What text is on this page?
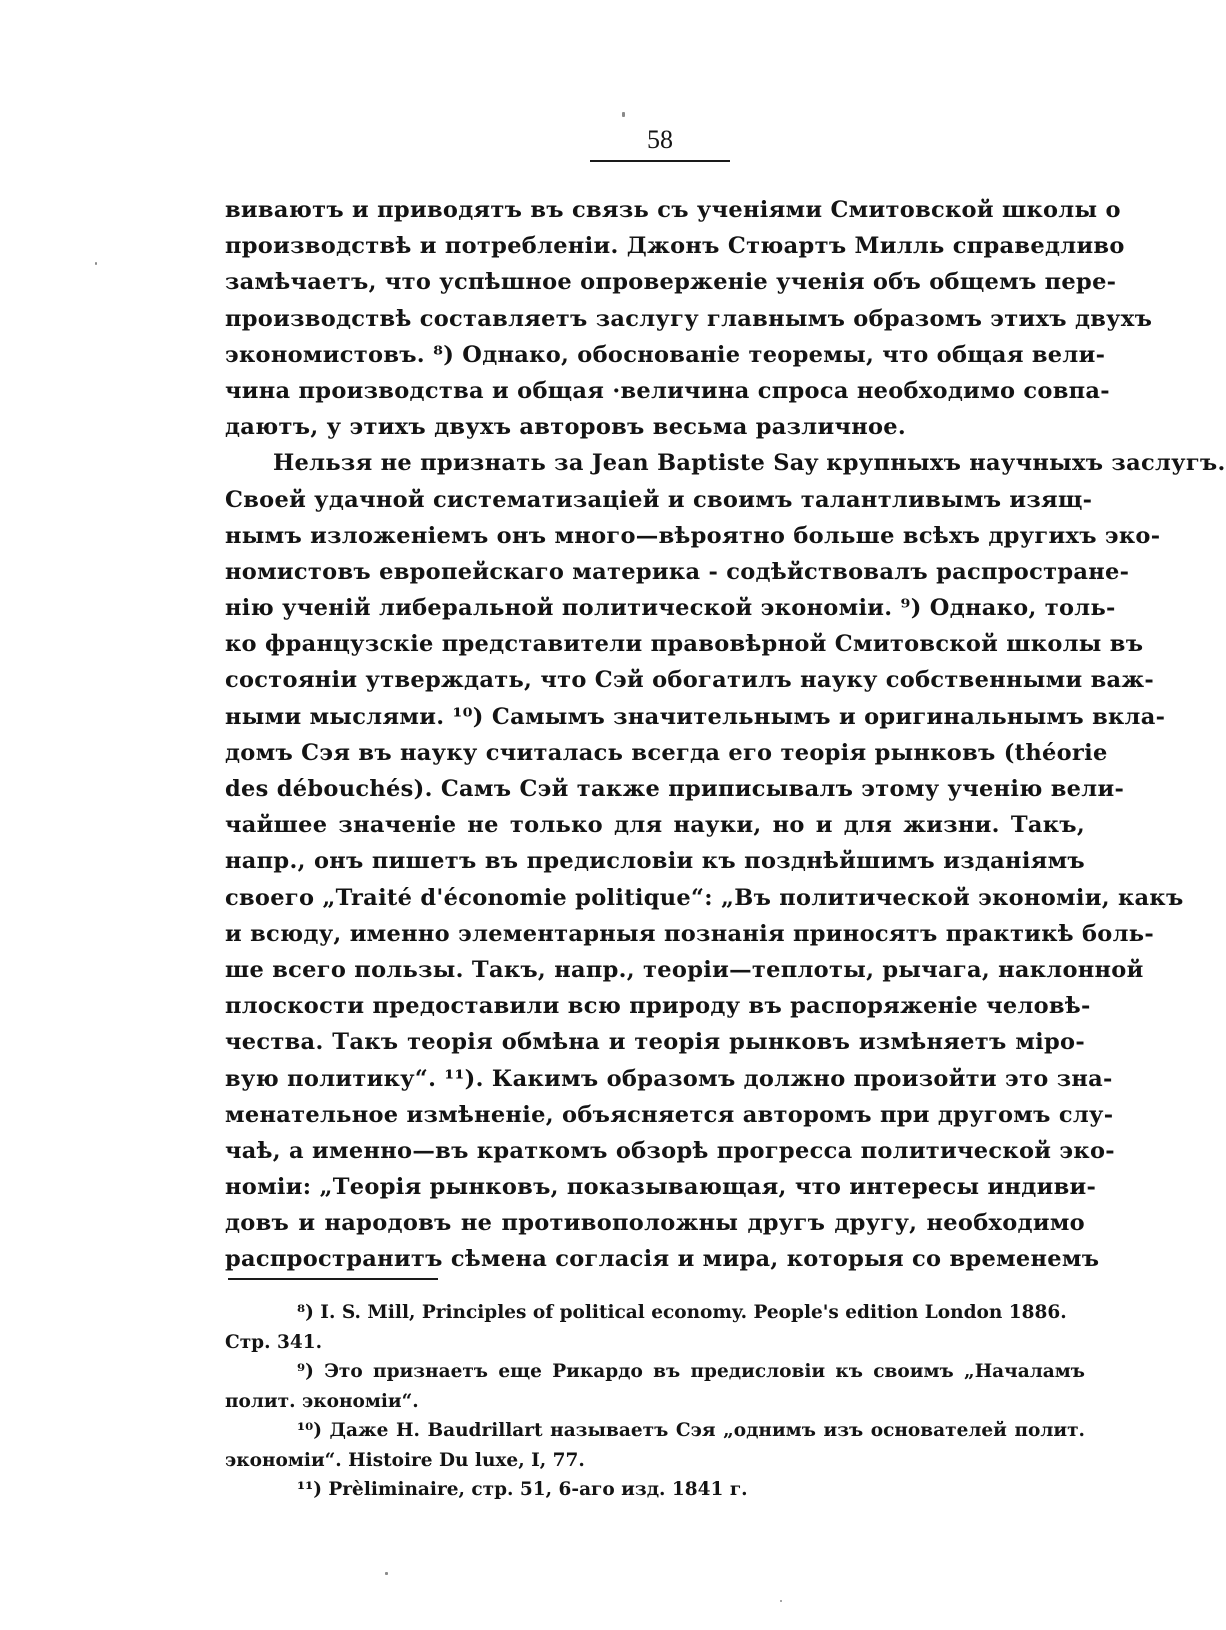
58
виваютъ и приводятъ въ связь съ ученіями Смитовской школы о
производствѣ и потребленіи. Джонъ Стюартъ Милль справедливо
замѣчаетъ, что успѣшное опроверженіе ученія объ общемъ пере-
производствѣ составляетъ заслугу главнымъ образомъ этихъ двухъ
экономистовъ. ⁸) Однако, обоснованіе теоремы, что общая вели-
чина производства и общая ·величина спроса необходимо совпа-
даютъ, у этихъ двухъ авторовъ весьма различное.
Нельзя не признать за Jean Baptiste Say крупныхъ научныхъ заслугъ.
Своей удачной систематизаціей и своимъ талантливымъ изящ-
нымъ изложеніемъ онъ много—вѣроятно больше всѣхъ другихъ эко-
номистовъ европейскаго материка - содѣйствовалъ распростране-
нію ученій либеральной политической экономіи. ⁹) Однако, толь-
ко французскіе представители правовѣрной Смитовской школы въ
состояніи утверждать, что Сэй обогатилъ науку собственными важ-
ными мыслями. ¹⁰) Самымъ значительнымъ и оригинальнымъ вкла-
домъ Сэя въ науку считалась всегда его теорія рынковъ (théorie
des débouchés). Самъ Сэй также приписывалъ этому ученію вели-
чайшее значеніе не только для науки, но и для жизни. Такъ,
напр., онъ пишетъ въ предисловіи къ позднѣйшимъ изданіямъ
своего „Traité d'économie politique“: „Въ политической экономіи, какъ
и всюду, именно элементарныя познанія приносятъ практикѣ боль-
ше всего пользы. Такъ, напр., теоріи—теплоты, рычага, наклонной
плоскости предоставили всю природу въ распоряженіе человѣ-
чества. Такъ теорія обмѣна и теорія рынковъ измѣняетъ міро-
вую политику“. ¹¹). Какимъ образомъ должно произойти это зна-
менательное измѣненіе, объясняется авторомъ при другомъ слу-
чаѣ, а именно—въ краткомъ обзорѣ прогресса политической эко-
номіи: „Теорія рынковъ, показывающая, что интересы индиви-
довъ и народовъ не противоположны другъ другу, необходимо
распространитъ сѣмена согласія и мира, которыя со временемъ
⁸) I. S. Mill, Principles of political economy. People's edition London 1886.
Стр. 341.
⁹) Это признаетъ еще Рикардо въ предисловіи къ своимъ „Началамъ
полит. экономіи“.
¹⁰) Даже H. Baudrillart называетъ Сэя „однимъ изъ основателей полит.
экономіи“. Histoire Du luxe, I, 77.
¹¹) Prèliminaire, стр. 51, 6-аго изд. 1841 г.
